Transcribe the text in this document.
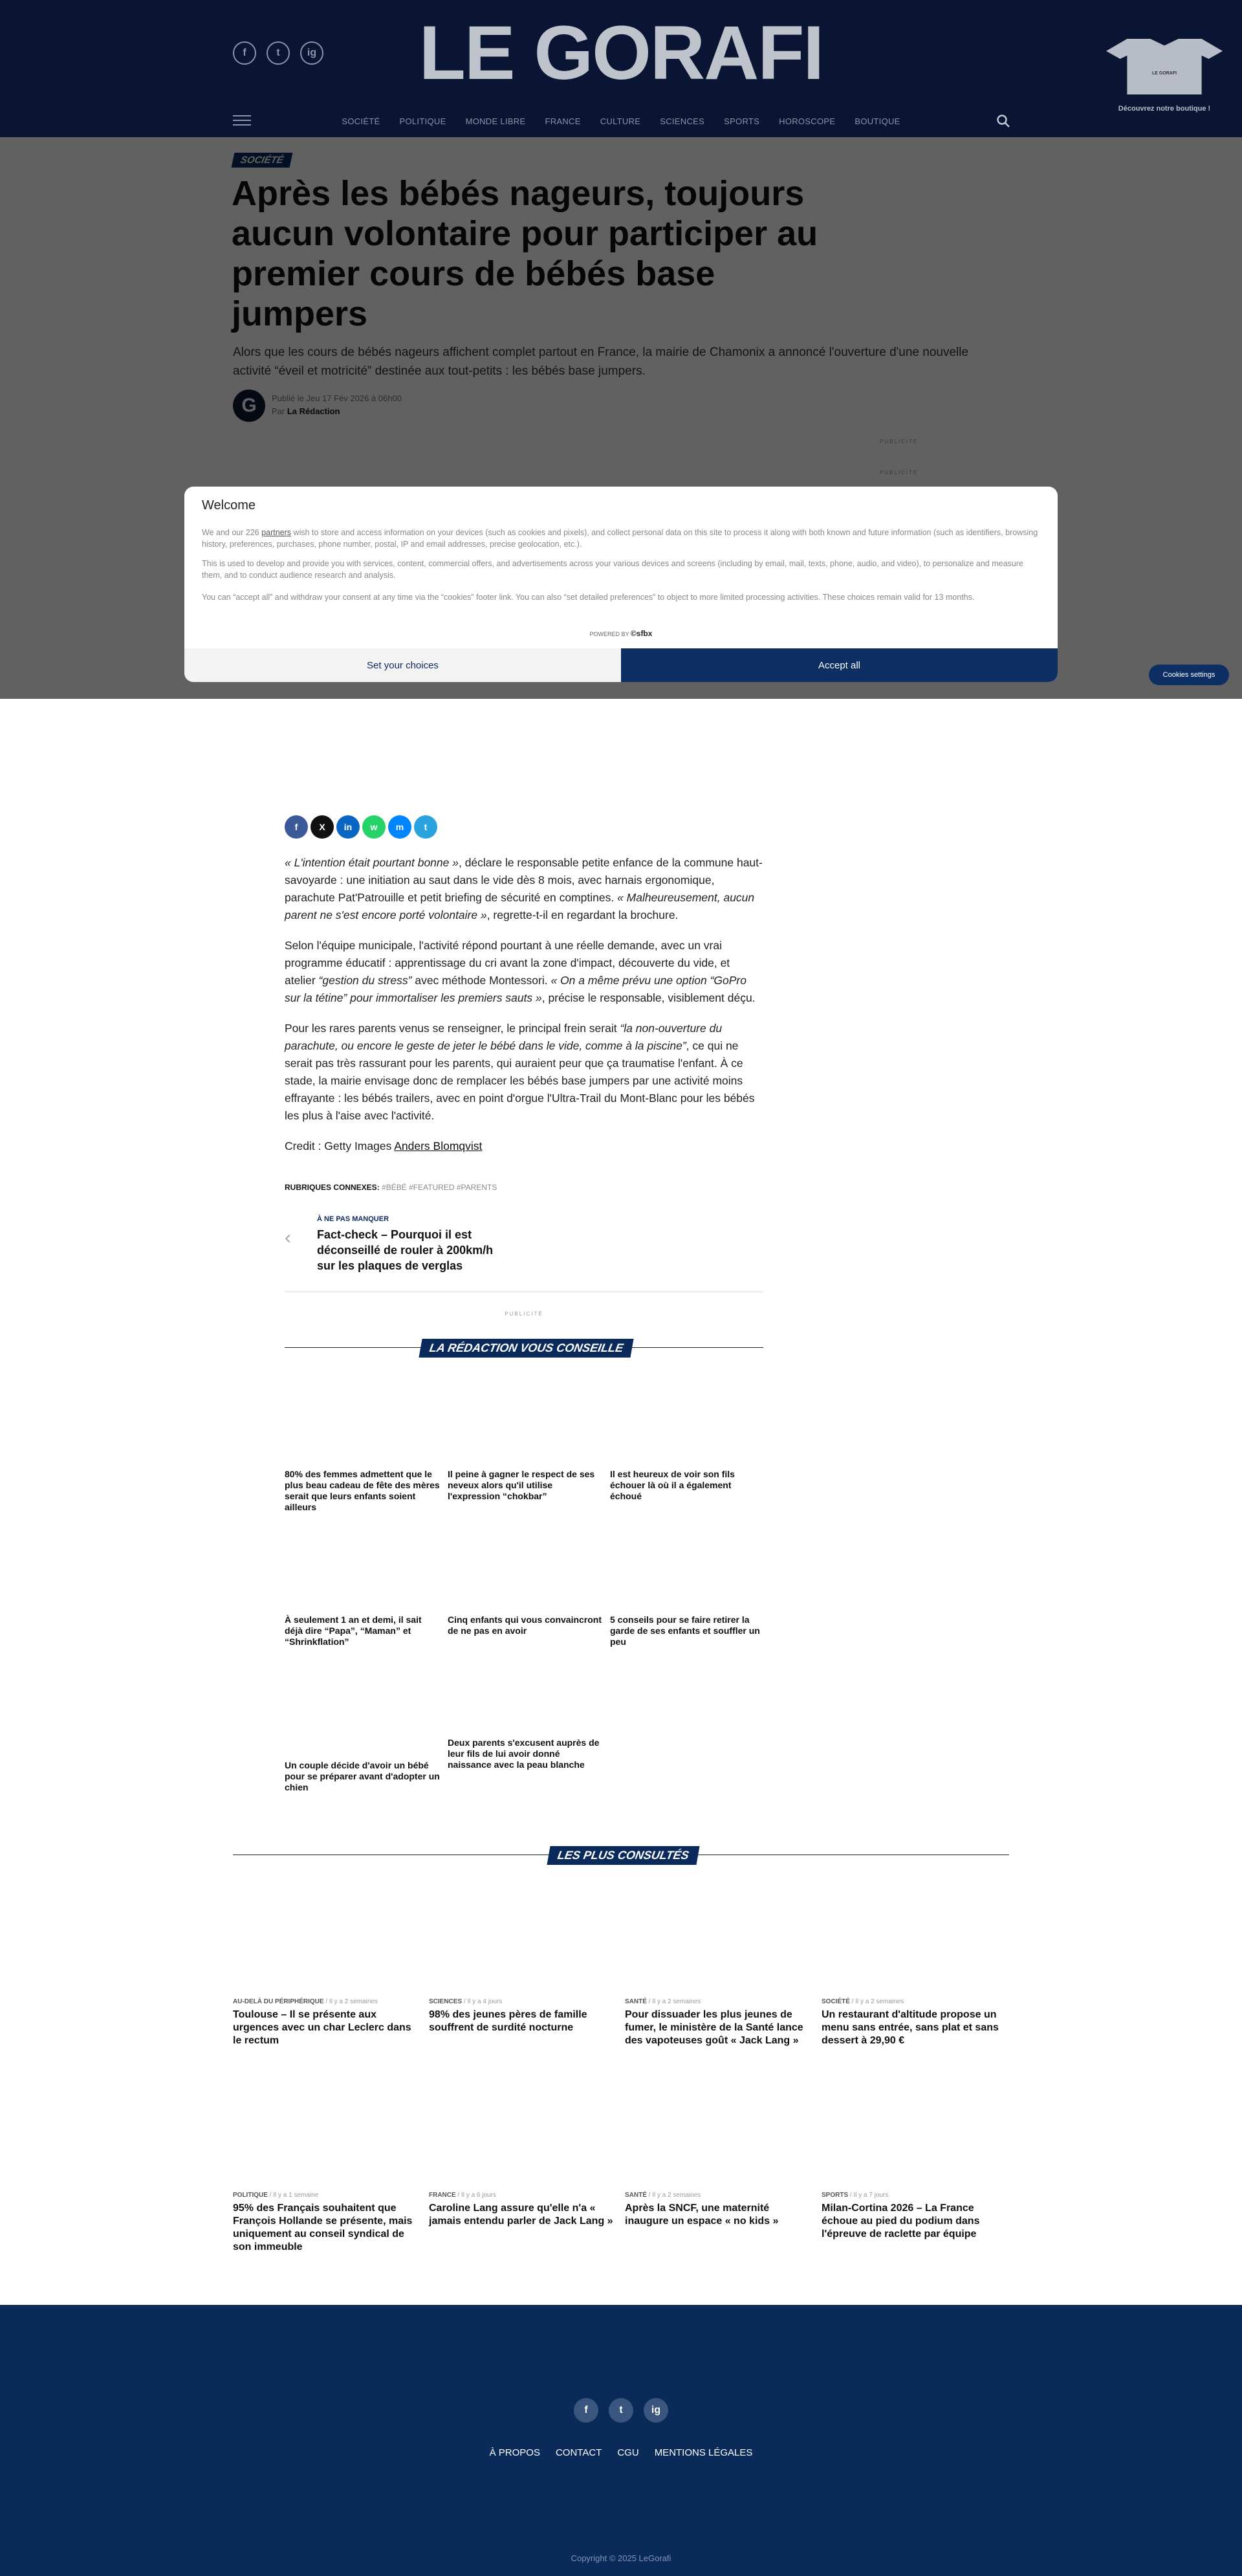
f	t	ig	LE GORAFI	LE GORAFI
Découvrez notre boutique !
SOCIÉTÉ POLITIQUE MONDE LIBRE FRANCE CULTURE SCIENCES SPORTS HOROSCOPE BOUTIQUE

Welcome

We and our 226 partners wish to store and access information on your devices (such as cookies and pixels), and collect personal data on this site to process it along with both known and future information (such as identifiers, browsing history, preferences, purchases, phone number, postal, IP and email addresses, precise geolocation, etc.).

This is used to develop and provide you with services, content, commercial offers, and advertisements across your various devices and screens (including by email, mail, texts, phone, audio, and video), to personalize and measure them, and to conduct audience research and analysis.

You can “accept all” and withdraw your consent at any time via the “cookies” footer link. You can also “set detailed preferences” to object to more limited processing activities. These choices remain valid for 13 months.

POWERED BY ©sfbx
Set your choices	Accept all
Cookies settings
f	X	in	w	m	t

« L'intention était pourtant bonne », déclare le responsable petite enfance de la commune haut-savoyarde : une initiation au saut dans le vide dès 8 mois, avec harnais ergonomique, parachute Pat'Patrouille et petit briefing de sécurité en comptines. « Malheureusement, aucun parent ne s'est encore porté volontaire », regrette-t-il en regardant la brochure.

Selon l'équipe municipale, l'activité répond pourtant à une réelle demande, avec un vrai programme éducatif : apprentissage du cri avant la zone d'impact, découverte du vide, et atelier “gestion du stress” avec méthode Montessori. « On a même prévu une option “GoPro sur la tétine” pour immortaliser les premiers sauts », précise le responsable, visiblement déçu.

Pour les rares parents venus se renseigner, le principal frein serait “la non-ouverture du parachute, ou encore le geste de jeter le bébé dans le vide, comme à la piscine”, ce qui ne serait pas très rassurant pour les parents, qui auraient peur que ça traumatise l'enfant. À ce stade, la mairie envisage donc de remplacer les bébés base jumpers par une activité moins effrayante : les bébés trailers, avec en point d'orgue l'Ultra-Trail du Mont-Blanc pour les bébés les plus à l'aise avec l'activité.

Credit : Getty Images Anders Blomqvist

RUBRIQUES CONNEXES: #BÉBÉ #FEATURED #PARENTS
‹
À NE PAS MANQUER
Fact-check – Pourquoi il est déconseillé de rouler à 200km/h sur les plaques de verglas
PUBLICITÉ
LA RÉDACTION VOUS CONSEILLE
80% des femmes admettent que le plus beau cadeau de fête des mères serait que leurs enfants soient ailleurs
Il peine à gagner le respect de ses neveux alors qu'il utilise l'expression “chokbar”
Il est heureux de voir son fils échouer là où il a également échoué
À seulement 1 an et demi, il sait déjà dire “Papa”, “Maman” et “Shrinkflation”
Cinq enfants qui vous convaincront de ne pas en avoir
5 conseils pour se faire retirer la garde de ses enfants et souffler un peu
Un couple décide d'avoir un bébé pour se préparer avant d'adopter un chien
Deux parents s'excusent auprès de leur fils de lui avoir donné naissance avec la peau blanche
LES PLUS CONSULTÉS
AU-DELÀ DU PÉRIPHÉRIQUE / Il y a 2 semaines
Toulouse – Il se présente aux urgences avec un char Leclerc dans le rectum
SCIENCES / Il y a 4 jours
98% des jeunes pères de famille souffrent de surdité nocturne
SANTÉ / Il y a 2 semaines
Pour dissuader les plus jeunes de fumer, le ministère de la Santé lance des vapoteuses goût « Jack Lang »
SOCIÉTÉ / Il y a 2 semaines
Un restaurant d'altitude propose un menu sans entrée, sans plat et sans dessert à 29,90 €
POLITIQUE / Il y a 1 semaine
95% des Français souhaitent que François Hollande se présente, mais uniquement au conseil syndical de son immeuble
FRANCE / Il y a 6 jours
Caroline Lang assure qu'elle n'a « jamais entendu parler de Jack Lang »
SANTÉ / Il y a 2 semaines
Après la SNCF, une maternité inaugure un espace « no kids »
SPORTS / Il y a 7 jours
Milan-Cortina 2026 – La France échoue au pied du podium dans l'épreuve de raclette par équipe
f	t	ig
À PROPOS CONTACT CGU MENTIONS LÉGALES
Copyright © 2025 LeGorafi
